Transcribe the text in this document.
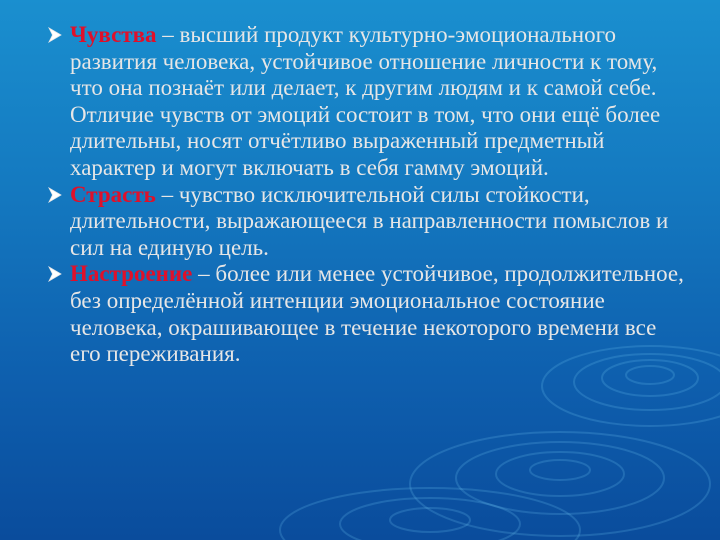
Чувства – высший продукт культурно-эмоционального развития человека, устойчивое отношение личности к тому, что она познаёт или делает, к другим людям и к самой себе. Отличие чувств от эмоций состоит в том, что они ещё более длительны, носят отчётливо выраженный предметный характер и могут включать в себя гамму эмоций.

Страсть – чувство исключительной силы стойкости, длительности, выражающееся в направленности помыслов и сил на единую цель.

Настроение – более или менее устойчивое, продолжительное, без определённой интенции эмоциональное состояние человека, окрашивающее в течение некоторого времени все его переживания.
